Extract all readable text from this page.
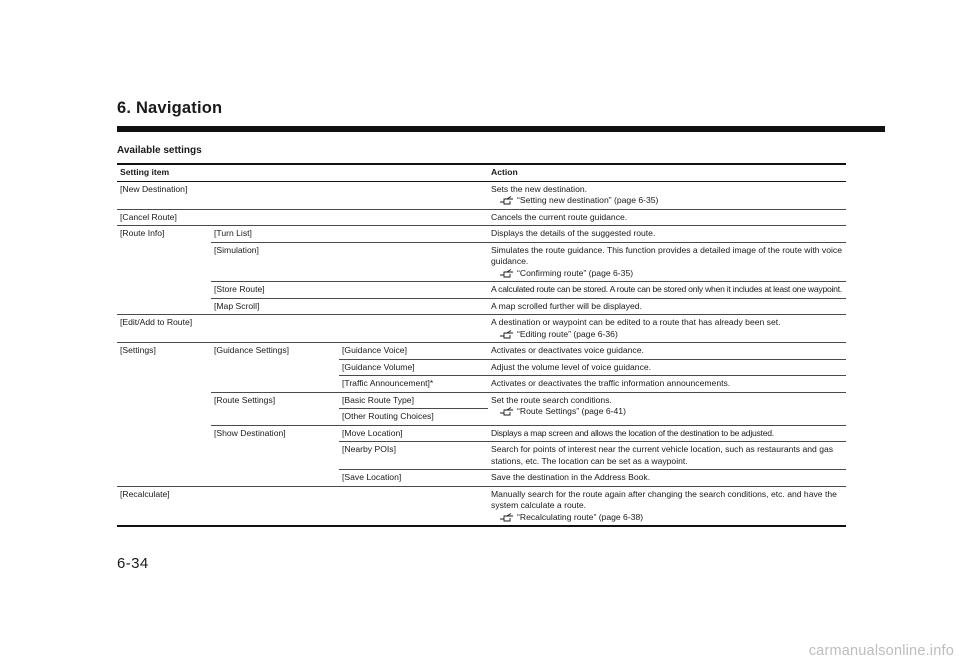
6. Navigation
Available settings
Setting item			Action
[New Destination]			Sets the new destination.
“Setting new destination” (page 6-35)

[Cancel Route]			Cancels the current route guidance.
[Route Info]	[Turn List]		Displays the details of the suggested route.
	[Simulation]		Simulates the route guidance. This function provides a detailed image of the route with voice guidance.
“Confirming route” (page 6-35)

	[Store Route]		A calculated route can be stored. A route can be stored only when it includes at least one waypoint.
	[Map Scroll]		A map scrolled further will be displayed.
[Edit/Add to Route]			A destination or waypoint can be edited to a route that has already been set.
“Editing route” (page 6-36)

[Settings]	[Guidance Settings]	[Guidance Voice]	Activates or deactivates voice guidance.
		[Guidance Volume]	Adjust the volume level of voice guidance.
		[Traffic Announcement]*	Activates or deactivates the traffic information announcements.
	[Route Settings]	[Basic Route Type]	Set the route search conditions.
“Route Settings” (page 6-41)

		[Other Routing Choices]	
	[Show Destination]	[Move Location]	Displays a map screen and allows the location of the destination to be adjusted.
		[Nearby POIs]	Search for points of interest near the current vehicle location, such as restaurants and gas stations, etc. The location can be set as a waypoint.
		[Save Location]	Save the destination in the Address Book.
[Recalculate]			Manually search for the route again after changing the search conditions, etc. and have the system calculate a route.
“Recalculating route” (page 6-38)
6-34
carmanualsonline.info
